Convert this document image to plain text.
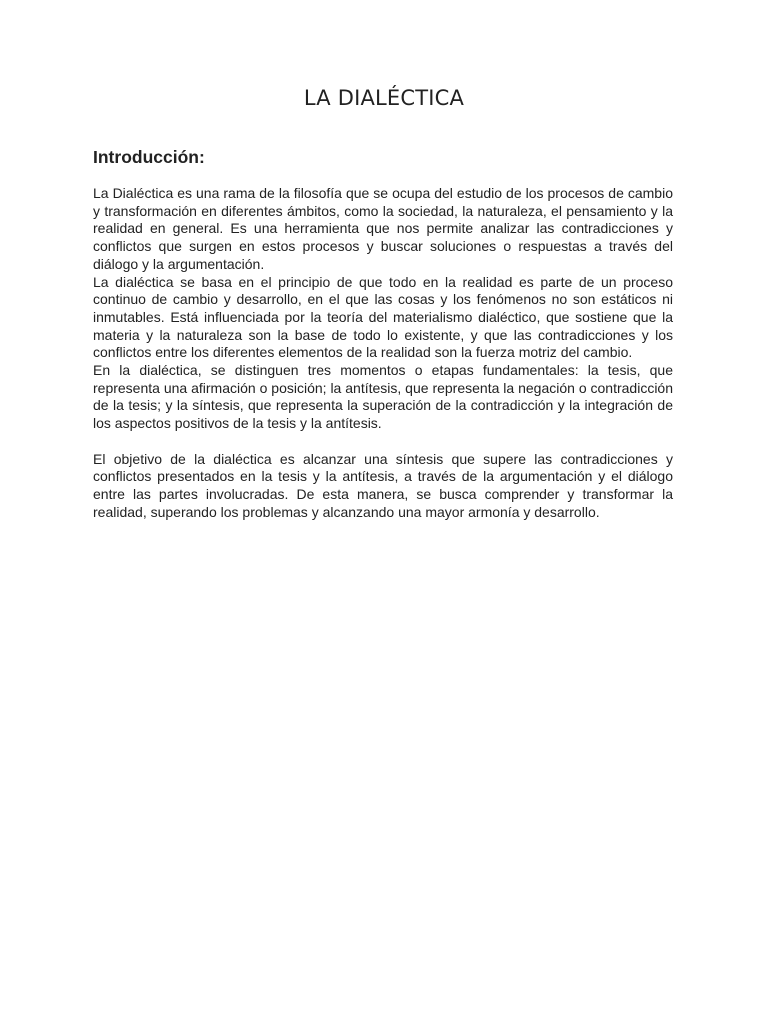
LA DIALÉCTICA
Introducción:

La Dialéctica es una rama de la filosofía que se ocupa del estudio de los procesos de cambio y transformación en diferentes ámbitos, como la sociedad, la naturaleza, el pensamiento y la realidad en general. Es una herramienta que nos permite analizar las contradicciones y conflictos que surgen en estos procesos y buscar soluciones o respuestas a través del diálogo y la argumentación.

La dialéctica se basa en el principio de que todo en la realidad es parte de un proceso continuo de cambio y desarrollo, en el que las cosas y los fenómenos no son estáticos ni inmutables. Está influenciada por la teoría del materialismo dialéctico, que sostiene que la materia y la naturaleza son la base de todo lo existente, y que las contradicciones y los conflictos entre los diferentes elementos de la realidad son la fuerza motriz del cambio.

En la dialéctica, se distinguen tres momentos o etapas fundamentales: la tesis, que representa una afirmación o posición; la antítesis, que representa la negación o contradicción de la tesis; y la síntesis, que representa la superación de la contradicción y la integración de los aspectos positivos de la tesis y la antítesis.

El objetivo de la dialéctica es alcanzar una síntesis que supere las contradicciones y conflictos presentados en la tesis y la antítesis, a través de la argumentación y el diálogo entre las partes involucradas. De esta manera, se busca comprender y transformar la realidad, superando los problemas y alcanzando una mayor armonía y desarrollo.
